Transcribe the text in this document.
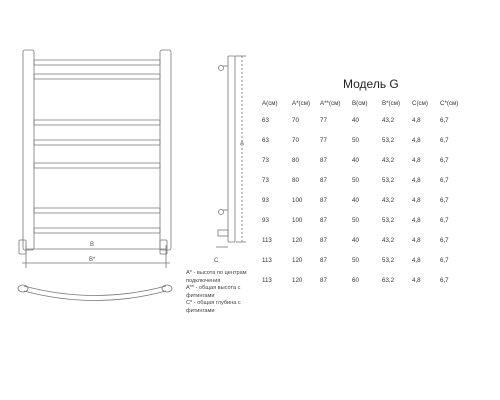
A
B
B*	C
Модель G
A(см)	A*(см)	A**(см)	B(см)	B*(см)	C(см)	C*(см)
63	70	77	40	43,2	4,8	6,7
63	70	77	50	53,2	4,8	6,7
73	80	87	40	43,2	4,8	6,7
73	80	87	50	53,2	4,8	6,7
93	100	87	40	43,2	4,8	6,7
93	100	87	50	53,2	4,8	6,7
113	120	87	40	43,2	4,8	6,7
113	120	87	50	53,2	4,8	6,7
113	120	87	60	63,2	4,8	6,7
A* - высота по центрам
подключения
A** - общая высота с
фитингами
C* - общая глубина с
фитингами
